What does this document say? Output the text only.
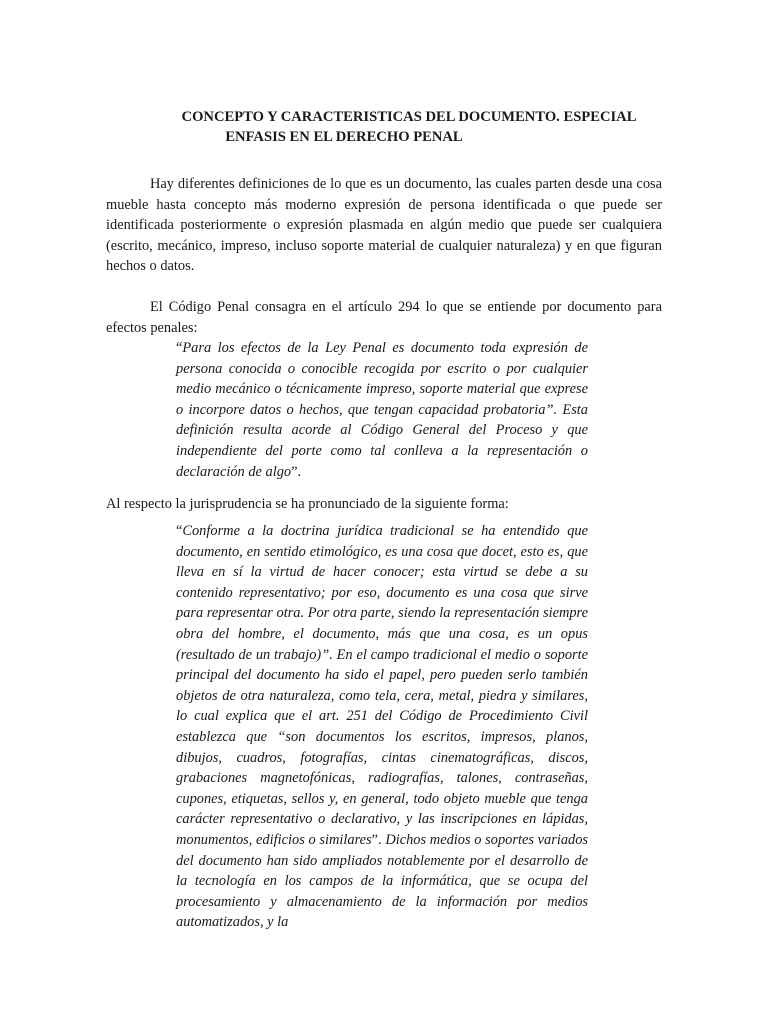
CONCEPTO Y CARACTERISTICAS DEL DOCUMENTO. ESPECIAL
ENFASIS EN EL DERECHO PENAL

Hay diferentes definiciones de lo que es un documento, las cuales parten desde una cosa mueble hasta concepto más moderno expresión de persona identificada o que puede ser identificada posteriormente o expresión plasmada en algún medio que puede ser cualquiera (escrito, mecánico, impreso, incluso soporte material de cualquier naturaleza) y en que figuran hechos o datos.

El Código Penal consagra en el artículo 294 lo que se entiende por documento para efectos penales:

“Para los efectos de la Ley Penal es documento toda expresión de persona conocida o conocible recogida por escrito o por cualquier medio mecánico o técnicamente impreso, soporte material que exprese o incorpore datos o hechos, que tengan capacidad probatoria”. Esta definición resulta acorde al Código General del Proceso y que independiente del porte como tal conlleva a la representación o declaración de algo”.

Al respecto la jurisprudencia se ha pronunciado de la siguiente forma:

“Conforme a la doctrina jurídica tradicional se ha entendido que documento, en sentido etimológico, es una cosa que docet, esto es, que lleva en sí la virtud de hacer conocer; esta virtud se debe a su contenido representativo; por eso, documento es una cosa que sirve para representar otra. Por otra parte, siendo la representación siempre obra del hombre, el documento, más que una cosa, es un opus (resultado de un trabajo)”. En el campo tradicional el medio o soporte principal del documento ha sido el papel, pero pueden serlo también objetos de otra naturaleza, como tela, cera, metal, piedra y similares, lo cual explica que el art. 251 del Código de Procedimiento Civil establezca que “son documentos los escritos, impresos, planos, dibujos, cuadros, fotografías, cintas cinematográficas, discos, grabaciones magnetofónicas, radiografías, talones, contraseñas, cupones, etiquetas, sellos y, en general, todo objeto mueble que tenga carácter representativo o declarativo, y las inscripciones en lápidas, monumentos, edificios o similares”. Dichos medios o soportes variados del documento han sido ampliados notablemente por el desarrollo de la tecnología en los campos de la informática, que se ocupa del procesamiento y almacenamiento de la información por medios automatizados, y la
